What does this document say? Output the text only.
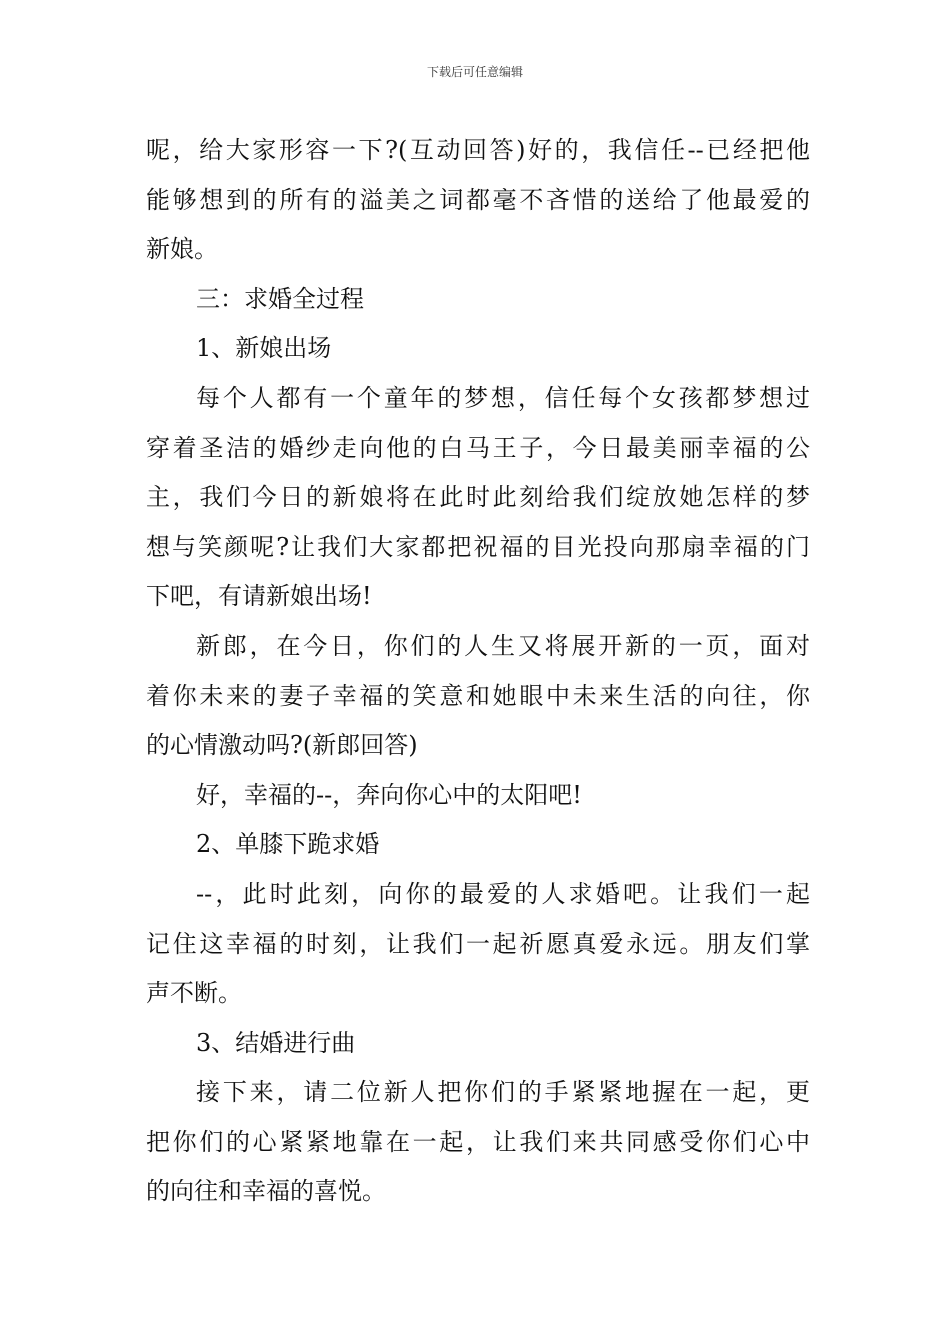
下载后可任意编辑
呢，给大家形容一下?(互动回答)好的，我信任--已经把他
能够想到的所有的溢美之词都毫不吝惜的送给了他最爱的
新娘。
三：求婚全过程
1、新娘出场
每个人都有一个童年的梦想，信任每个女孩都梦想过
穿着圣洁的婚纱走向他的白马王子，今日最美丽幸福的公
主，我们今日的新娘将在此时此刻给我们绽放她怎样的梦
想与笑颜呢?让我们大家都把祝福的目光投向那扇幸福的门
下吧，有请新娘出场!
新郎，在今日，你们的人生又将展开新的一页，面对
着你未来的妻子幸福的笑意和她眼中未来生活的向往，你
的心情激动吗?(新郎回答)
好，幸福的--，奔向你心中的太阳吧!
2、单膝下跪求婚
--，此时此刻，向你的最爱的人求婚吧。让我们一起
记住这幸福的时刻，让我们一起祈愿真爱永远。朋友们掌
声不断。
3、结婚进行曲
接下来，请二位新人把你们的手紧紧地握在一起，更
把你们的心紧紧地靠在一起，让我们来共同感受你们心中
的向往和幸福的喜悦。
